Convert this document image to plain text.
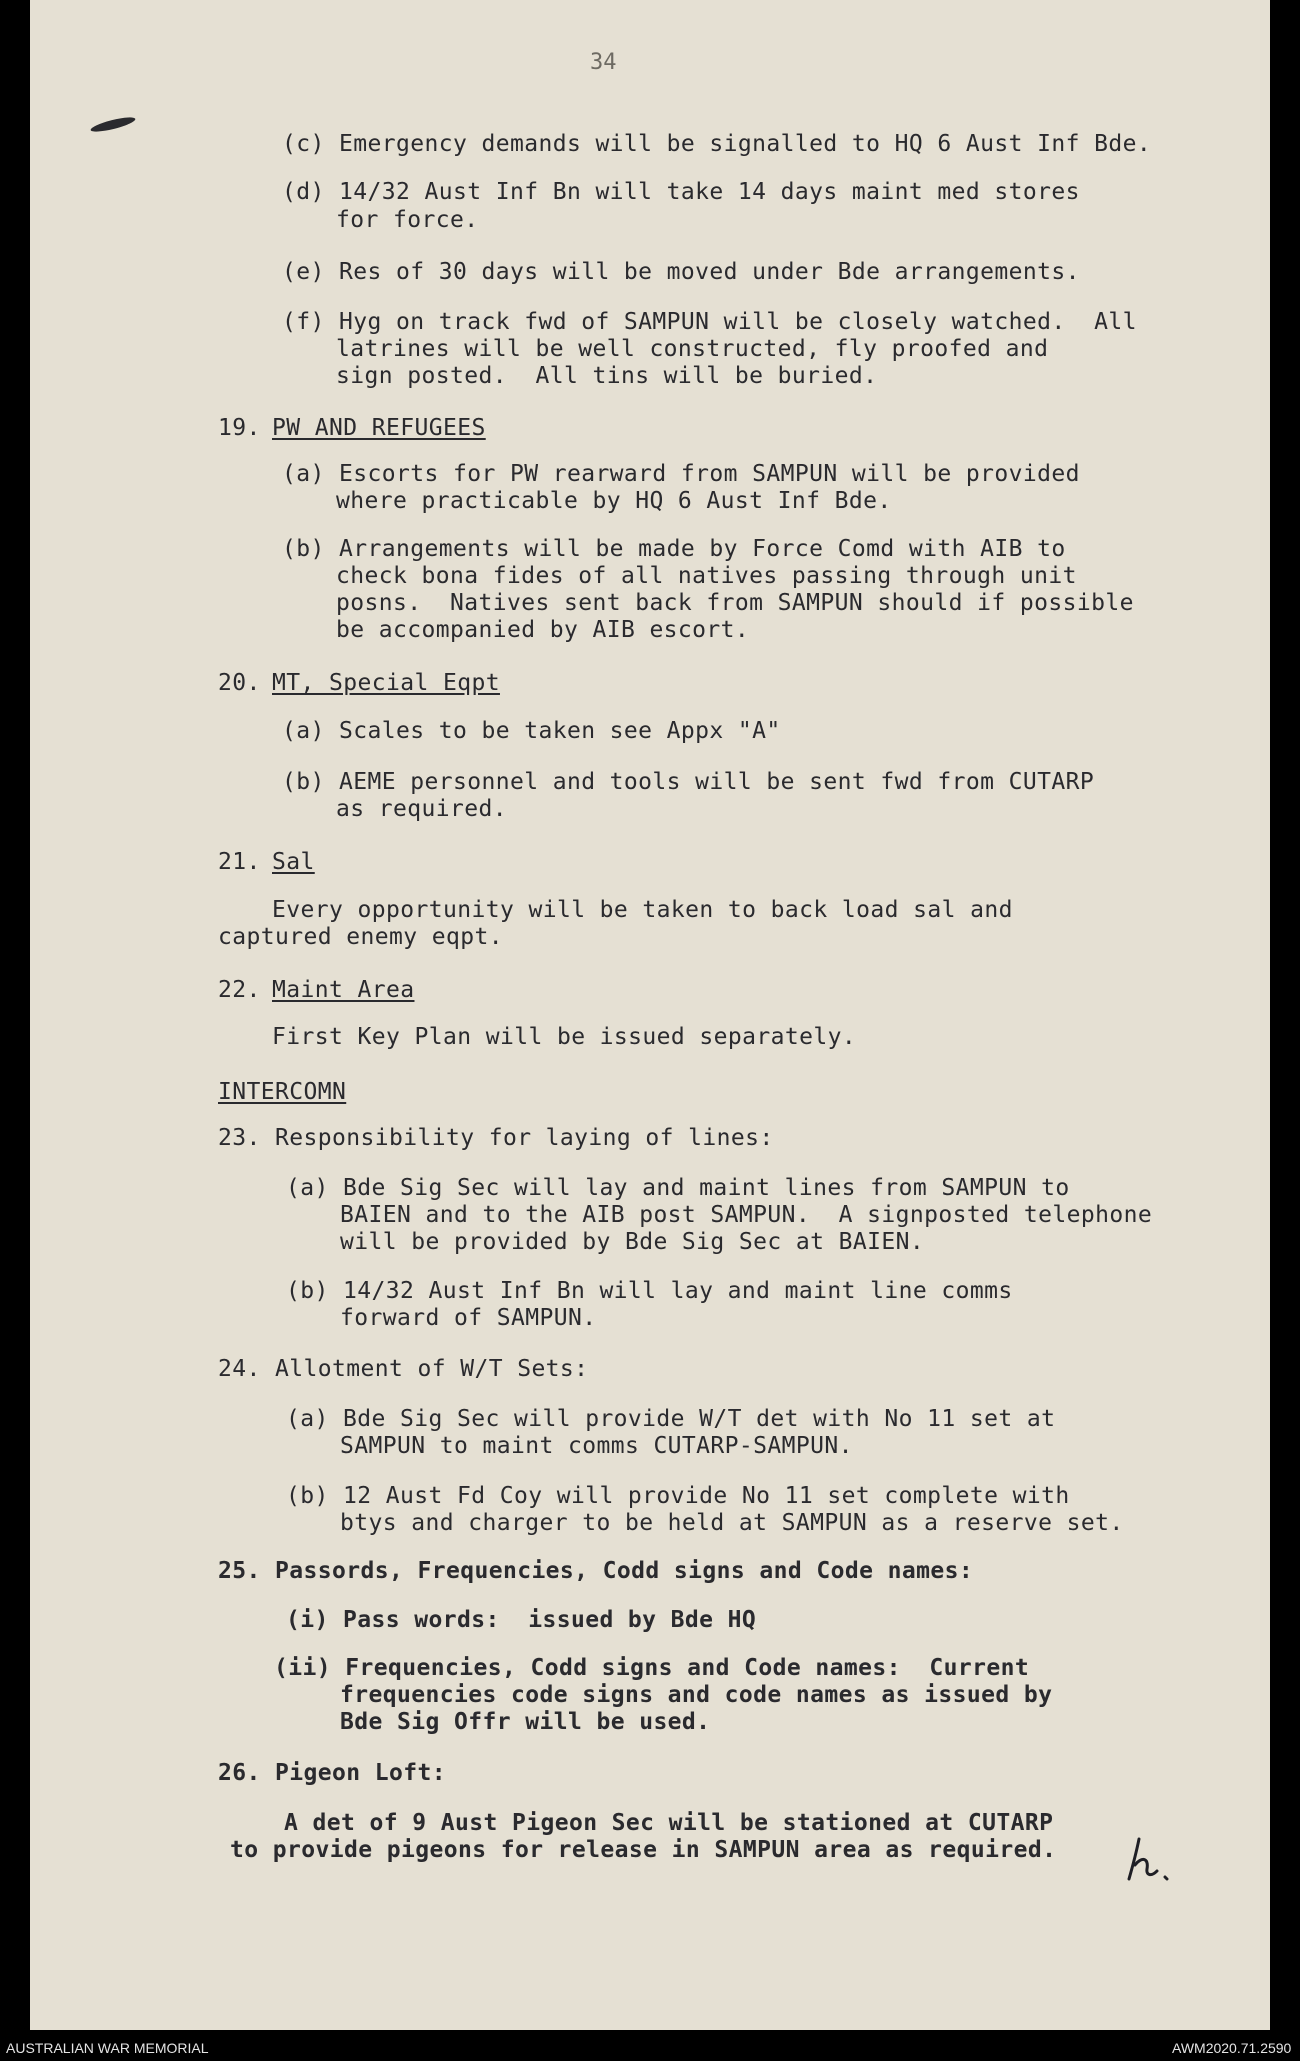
34
(c) Emergency demands will be signalled to HQ 6 Aust Inf Bde.
(d) 14/32 Aust Inf Bn will take 14 days maint med stores
for force.
(e) Res of 30 days will be moved under Bde arrangements.
(f) Hyg on track fwd of SAMPUN will be closely watched.  All
latrines will be well constructed, fly proofed and
sign posted.  All tins will be buried.
19. PW AND REFUGEES
(a) Escorts for PW rearward from SAMPUN will be provided
where practicable by HQ 6 Aust Inf Bde.
(b) Arrangements will be made by Force Comd with AIB to
check bona fides of all natives passing through unit
posns.  Natives sent back from SAMPUN should if possible
be accompanied by AIB escort.
20. MT, Special Eqpt
(a) Scales to be taken see Appx "A"
(b) AEME personnel and tools will be sent fwd from CUTARP
as required.
21. Sal
Every opportunity will be taken to back load sal and
captured enemy eqpt.
22. Maint Area
First Key Plan will be issued separately.
INTERCOMN
23. Responsibility for laying of lines:
(a) Bde Sig Sec will lay and maint lines from SAMPUN to
BAIEN and to the AIB post SAMPUN.  A signposted telephone
will be provided by Bde Sig Sec at BAIEN.
(b) 14/32 Aust Inf Bn will lay and maint line comms
forward of SAMPUN.
24. Allotment of W/T Sets:
(a) Bde Sig Sec will provide W/T det with No 11 set at
SAMPUN to maint comms CUTARP-SAMPUN.
(b) 12 Aust Fd Coy will provide No 11 set complete with
btys and charger to be held at SAMPUN as a reserve set.
25. Passords, Frequencies, Codd signs and Code names:
(i) Pass words:  issued by Bde HQ
(ii) Frequencies, Codd signs and Code names:  Current
frequencies code signs and code names as issued by
Bde Sig Offr will be used.
26. Pigeon Loft:
A det of 9 Aust Pigeon Sec will be stationed at CUTARP
to provide pigeons for release in SAMPUN area as required.
AUSTRALIAN WAR MEMORIAL	AWM2020.71.2590
